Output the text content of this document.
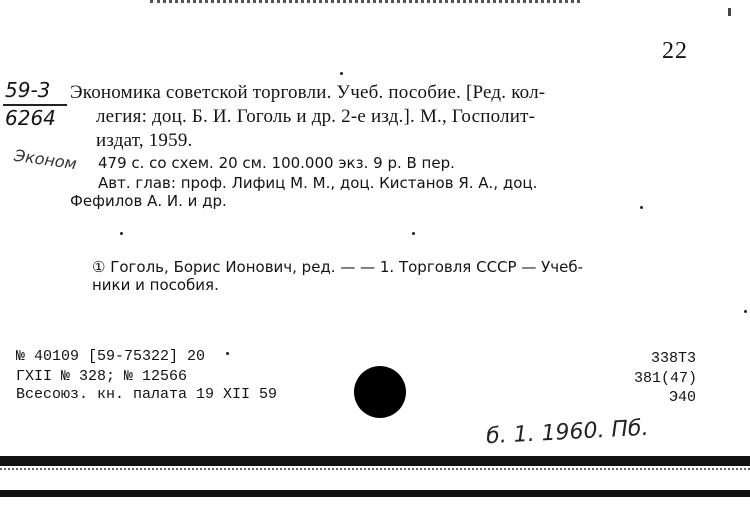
22
59-3
6264
Экономика советской торговли. Учеб. пособие. [Ред. кол-
легия: доц. Б. И. Гоголь и др. 2-е изд.]. М., Госполит-
издат, 1959.
Эконом 479 с. со схем. 20 см. 100.000 экз. 9 р. В пер.
Авт. глав: проф. Лифиц М. М., доц. Кистанов Я. А., доц.
Фефилов А. И. и др.
① Гоголь, Борис Ионович, ред. — — 1. Торговля СССР — Учеб-
ники и пособия.
№ 40109 [59-75322] 20
ГХII № 328; № 12566
Всесоюз. кн. палата 19 XII 59
338Т3
381(47)
Э40
б. 1. 1960. Пб.
